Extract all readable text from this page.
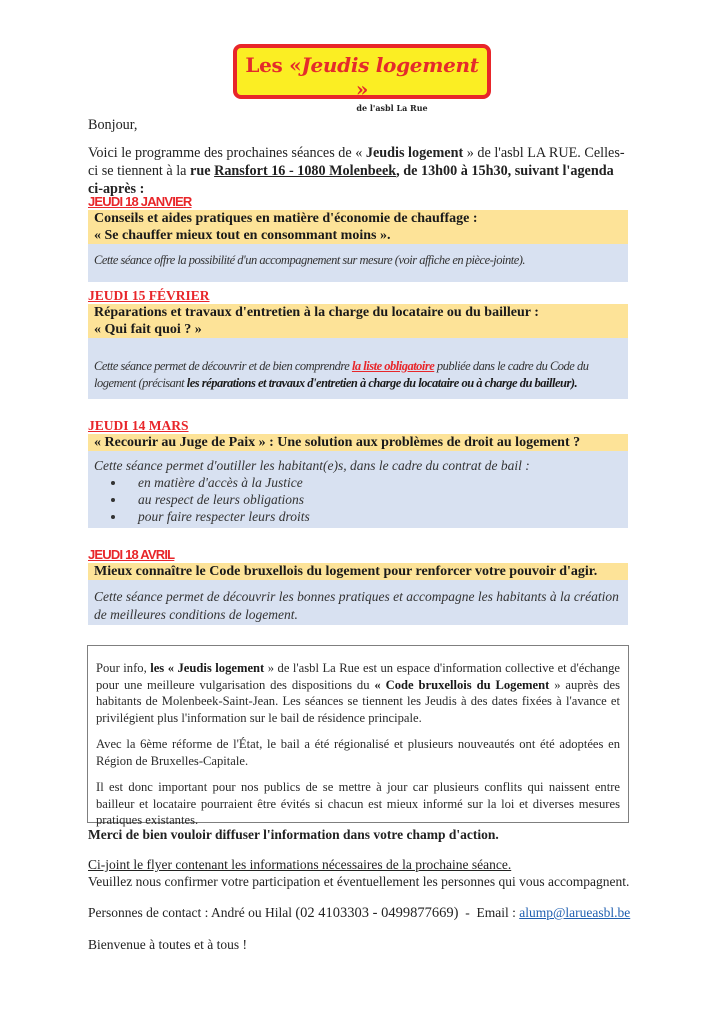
Les «Jeudis logement »
de l'asbl La Rue
Bonjour,
Voici le programme des prochaines séances de « Jeudis logement » de l'asbl LA RUE. Celles-ci se tiennent à la rue Ransfort 16 - 1080 Molenbeek, de 13h00 à 15h30, suivant l'agenda ci-après :
JEUDI 18 JANVIER
Conseils et aides pratiques en matière d'économie de chauffage :
« Se chauffer mieux tout en consommant moins ».
Cette séance offre la possibilité d'un accompagnement sur mesure (voir affiche en pièce-jointe).
JEUDI 15 FÉVRIER
Réparations et travaux d'entretien à la charge du locataire ou du bailleur :
« Qui fait quoi ? »
Cette séance permet de découvrir et de bien comprendre la liste obligatoire publiée dans le cadre du Code du logement (précisant les réparations et travaux d'entretien à charge du locataire ou à charge du bailleur).
JEUDI 14 MARS
« Recourir au Juge de Paix » : Une solution aux problèmes de droit au logement ?
Cette séance permet d'outiller les habitant(e)s, dans le cadre du contrat de bail :
• en matière d'accès à la Justice
• au respect de leurs obligations
• pour faire respecter leurs droits
JEUDI 18 AVRIL
Mieux connaître le Code bruxellois du logement pour renforcer votre pouvoir d'agir.
Cette séance permet de découvrir les bonnes pratiques et accompagne les habitants à la création de meilleures conditions de logement.

Pour info, les « Jeudis logement » de l'asbl La Rue est un espace d'information collective et d'échange pour une meilleure vulgarisation des dispositions du « Code bruxellois du Logement » auprès des habitants de Molenbeek-Saint-Jean. Les séances se tiennent les Jeudis à des dates fixées à l'avance et privilégient plus l'information sur le bail de résidence principale.

Avec la 6ème réforme de l'État, le bail a été régionalisé et plusieurs nouveautés ont été adoptées en Région de Bruxelles-Capitale.

Il est donc important pour nos publics de se mettre à jour car plusieurs conflits qui naissent entre bailleur et locataire pourraient être évités si chacun est mieux informé sur la loi et diverses mesures pratiques existantes.

Merci de bien vouloir diffuser l'information dans votre champ d'action.
Ci-joint le flyer contenant les informations nécessaires de la prochaine séance.
Veuillez nous confirmer votre participation et éventuellement les personnes qui vous accompagnent.
Personnes de contact : André ou Hilal (02 4103303 - 0499877669)  -  Email : alump@larueasbl.be
Bienvenue à toutes et à tous !
